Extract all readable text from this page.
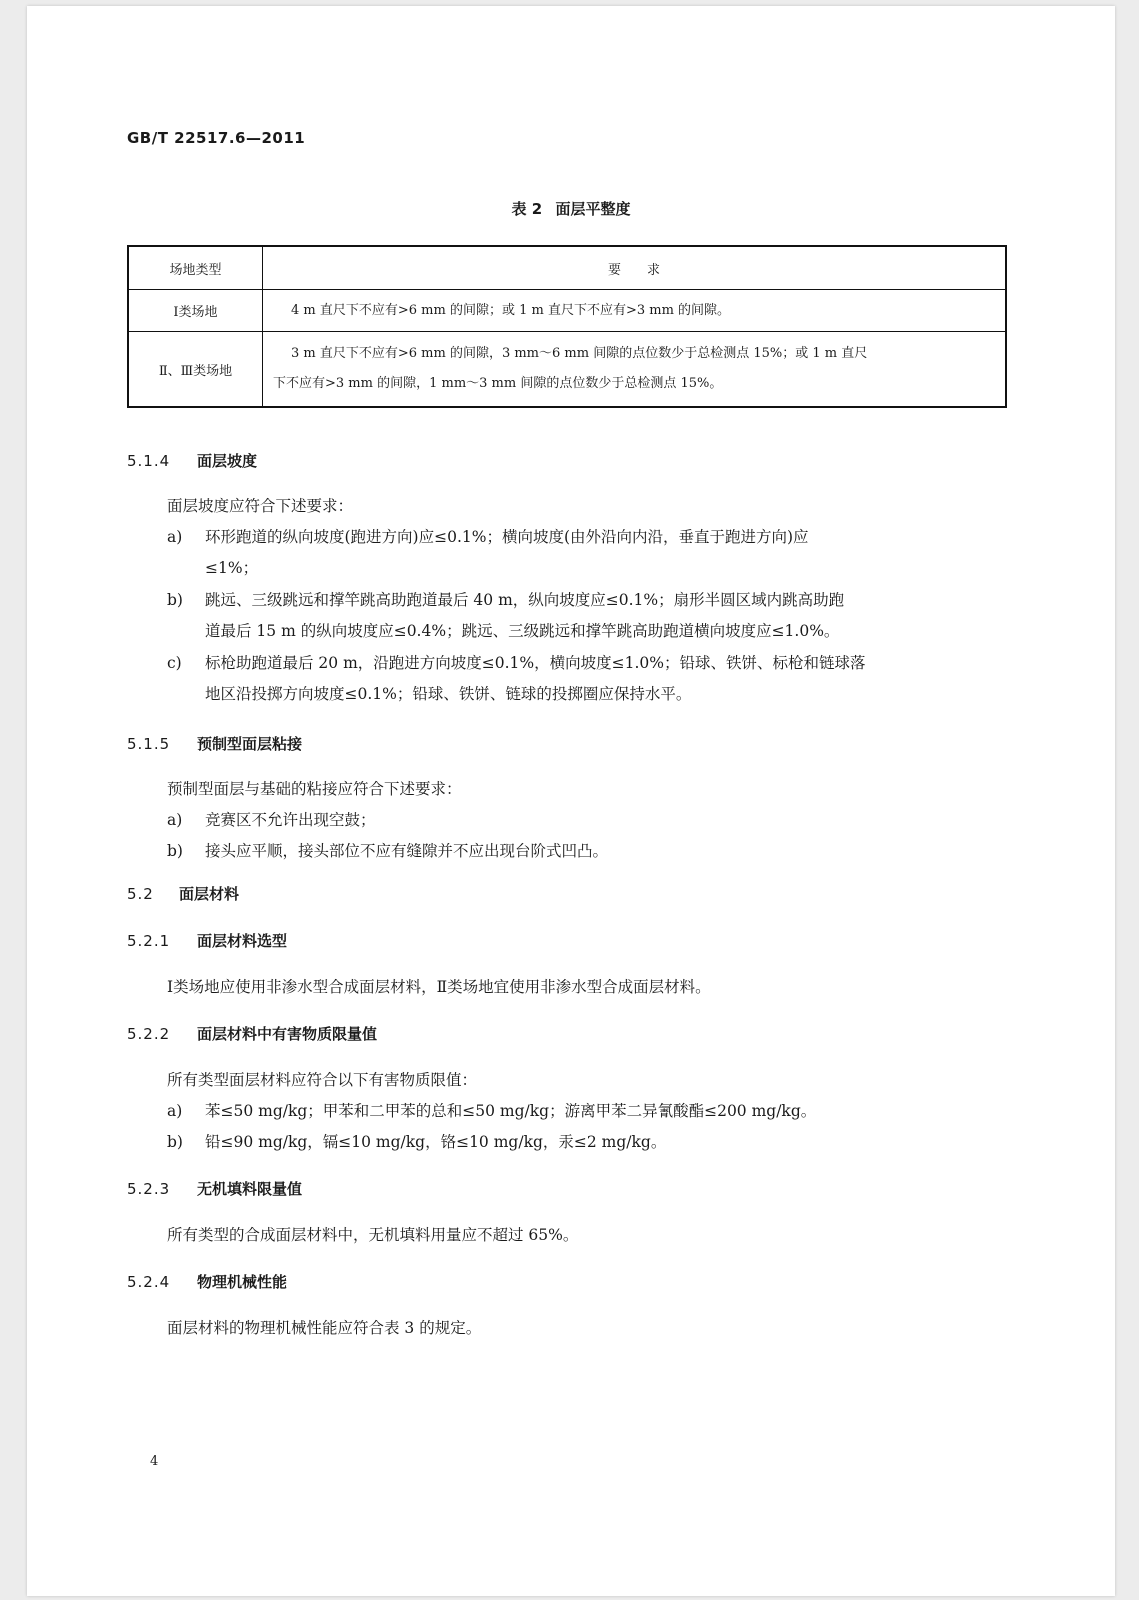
GB/T 22517.6—2011
表 2 面层平整度
场地类型	要　　求
Ⅰ类场地	4 m 直尺下不应有>6 mm 的间隙；或 1 m 直尺下不应有>3 mm 的间隙。
Ⅱ、Ⅲ类场地	3 m 直尺下不应有>6 mm 的间隙，3 mm～6 mm 间隙的点位数少于总检测点 15%；或 1 m 直尺
下不应有>3 mm 的间隙，1 mm～3 mm 间隙的点位数少于总检测点 15%。
5.1.4 面层坡度
面层坡度应符合下述要求：
a) 环形跑道的纵向坡度(跑进方向)应≤0.1%；横向坡度(由外沿向内沿，垂直于跑进方向)应
≤1%；
b) 跳远、三级跳远和撑竿跳高助跑道最后 40 m，纵向坡度应≤0.1%；扇形半圆区域内跳高助跑
道最后 15 m 的纵向坡度应≤0.4%；跳远、三级跳远和撑竿跳高助跑道横向坡度应≤1.0%。
c) 标枪助跑道最后 20 m，沿跑进方向坡度≤0.1%，横向坡度≤1.0%；铅球、铁饼、标枪和链球落
地区沿投掷方向坡度≤0.1%；铅球、铁饼、链球的投掷圈应保持水平。
5.1.5 预制型面层粘接
预制型面层与基础的粘接应符合下述要求：
a) 竞赛区不允许出现空鼓；
b) 接头应平顺，接头部位不应有缝隙并不应出现台阶式凹凸。
5.2 面层材料
5.2.1 面层材料选型
Ⅰ类场地应使用非渗水型合成面层材料，Ⅱ类场地宜使用非渗水型合成面层材料。
5.2.2 面层材料中有害物质限量值
所有类型面层材料应符合以下有害物质限值：
a) 苯≤50 mg/kg；甲苯和二甲苯的总和≤50 mg/kg；游离甲苯二异氰酸酯≤200 mg/kg。
b) 铅≤90 mg/kg，镉≤10 mg/kg，铬≤10 mg/kg，汞≤2 mg/kg。
5.2.3 无机填料限量值
所有类型的合成面层材料中，无机填料用量应不超过 65%。
5.2.4 物理机械性能
面层材料的物理机械性能应符合表 3 的规定。
4
